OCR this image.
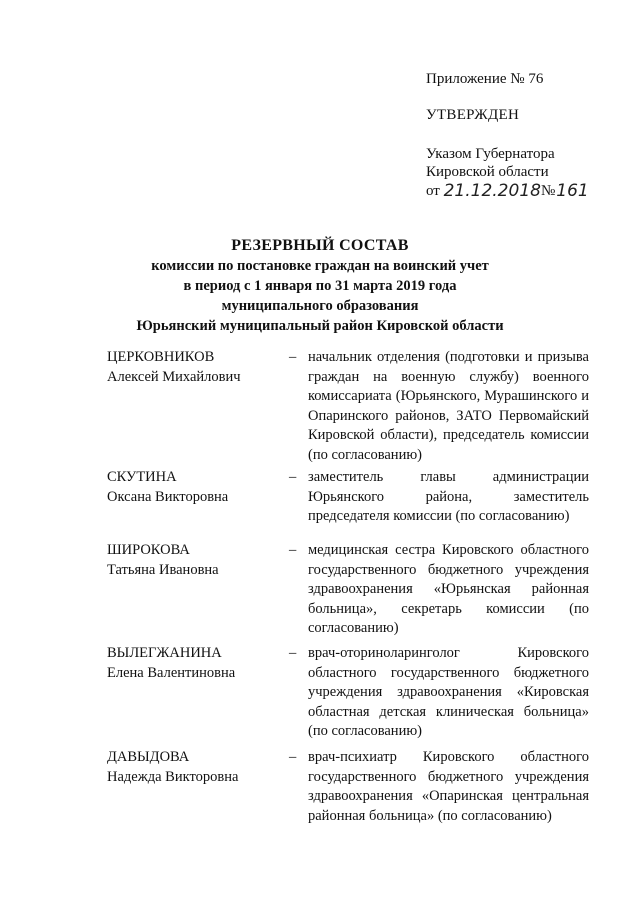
Приложение № 76
УТВЕРЖДЕН
Указом Губернатора
Кировской области
от 21.12.2018№161
РЕЗЕРВНЫЙ СОСТАВ
комиссии по постановке граждан на воинский учет
в период с 1 января по 31 марта 2019 года
муниципального образования
Юрьянский муниципальный район Кировской области
ЦЕРКОВНИКОВ
Алексей Михайлович
– начальник отделения (подготовки и призыва граждан на военную службу) военного комиссариата (Юрьянского, Мурашинского и Опаринского районов, ЗАТО Первомайский Кировской области), председатель комиссии (по согласованию)
СКУТИНА
Оксана Викторовна
– заместитель главы администрации Юрьянского района, заместитель председателя комиссии (по согласованию)
ШИРОКОВА
Татьяна Ивановна
– медицинская сестра Кировского областного государственного бюджетного учреждения здравоохранения «Юрьянская районная больница», секретарь комиссии (по согласованию)
ВЫЛЕГЖАНИНА
Елена Валентиновна
– врач-оториноларинголог Кировского областного государственного бюджетного учреждения здравоохранения «Кировская областная детская клиническая больница» (по согласованию)
ДАВЫДОВА
Надежда Викторовна
– врач-психиатр Кировского областного государственного бюджетного учреждения здравоохранения «Опаринская центральная районная больница» (по согласованию)
